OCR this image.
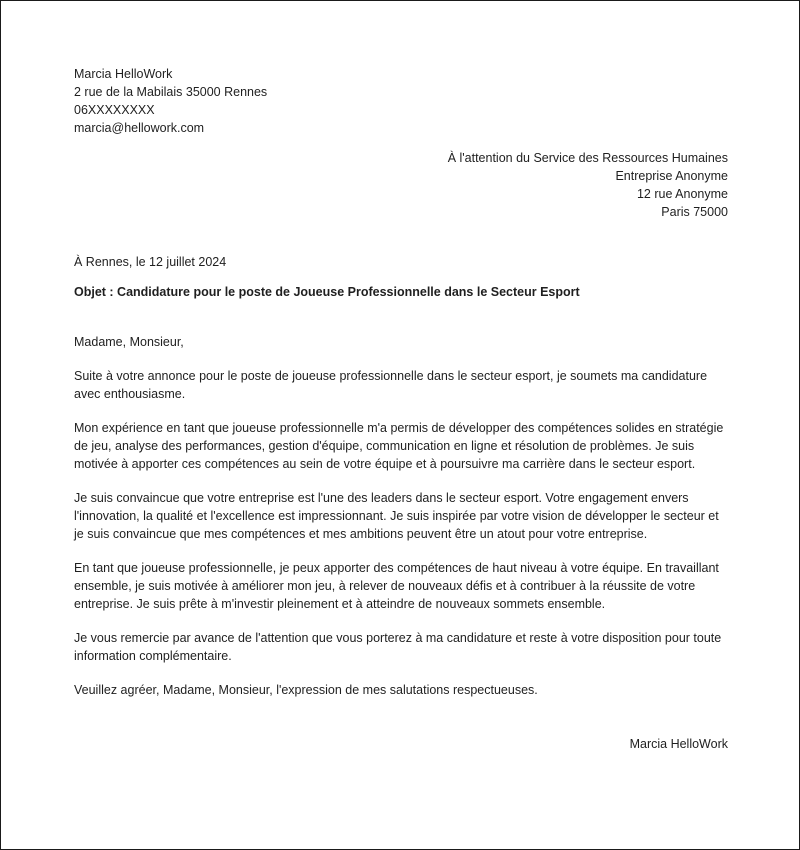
Marcia HelloWork
2 rue de la Mabilais 35000 Rennes
06XXXXXXXX
marcia@hellowork.com
À l'attention du Service des Ressources Humaines
Entreprise Anonyme
12 rue Anonyme
Paris 75000
À Rennes, le 12 juillet 2024
Objet : Candidature pour le poste de Joueuse Professionnelle dans le Secteur Esport
Madame, Monsieur,
Suite à votre annonce pour le poste de joueuse professionnelle dans le secteur esport, je soumets ma candidature avec enthousiasme.
Mon expérience en tant que joueuse professionnelle m'a permis de développer des compétences solides en stratégie de jeu, analyse des performances, gestion d'équipe, communication en ligne et résolution de problèmes. Je suis motivée à apporter ces compétences au sein de votre équipe et à poursuivre ma carrière dans le secteur esport.
Je suis convaincue que votre entreprise est l'une des leaders dans le secteur esport. Votre engagement envers l'innovation, la qualité et l'excellence est impressionnant. Je suis inspirée par votre vision de développer le secteur et je suis convaincue que mes compétences et mes ambitions peuvent être un atout pour votre entreprise.
En tant que joueuse professionnelle, je peux apporter des compétences de haut niveau à votre équipe. En travaillant ensemble, je suis motivée à améliorer mon jeu, à relever de nouveaux défis et à contribuer à la réussite de votre entreprise. Je suis prête à m'investir pleinement et à atteindre de nouveaux sommets ensemble.
Je vous remercie par avance de l'attention que vous porterez à ma candidature et reste à votre disposition pour toute information complémentaire.
Veuillez agréer, Madame, Monsieur, l'expression de mes salutations respectueuses.
Marcia HelloWork
